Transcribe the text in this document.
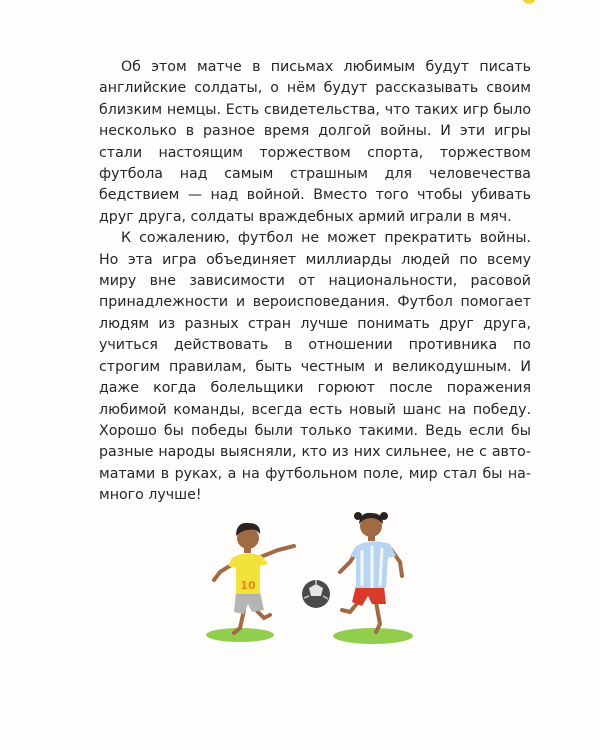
Об этом матче в письмах любимым будут писать английские солдаты, о нём будут рассказывать своим близким немцы. Есть свидетельства, что таких игр было несколько в разное время долгой войны. И эти игры стали настоящим торжеством спорта, торжеством футбола над самым страшным для человечества бедствием — над войной. Вместо того чтобы убивать друг друга, солдаты враждебных армий играли в мяч.

К сожалению, футбол не может прекратить войны. Но эта игра объединяет миллиарды людей по всему миру вне зависимости от национальности, расовой принадлежности и вероисповедания. Футбол помогает людям из разных стран лучше понимать друг друга, учиться действовать в отношении противника по строгим правилам, быть честным и великодушным. И даже когда болельщики горюют после поражения любимой команды, всегда есть новый шанс на победу. Хорошо бы победы были только такими. Ведь если бы разные народы выясняли, кто из них сильнее, не с автоматами в руках, а на футбольном поле, мир стал бы намного лучше!

10
